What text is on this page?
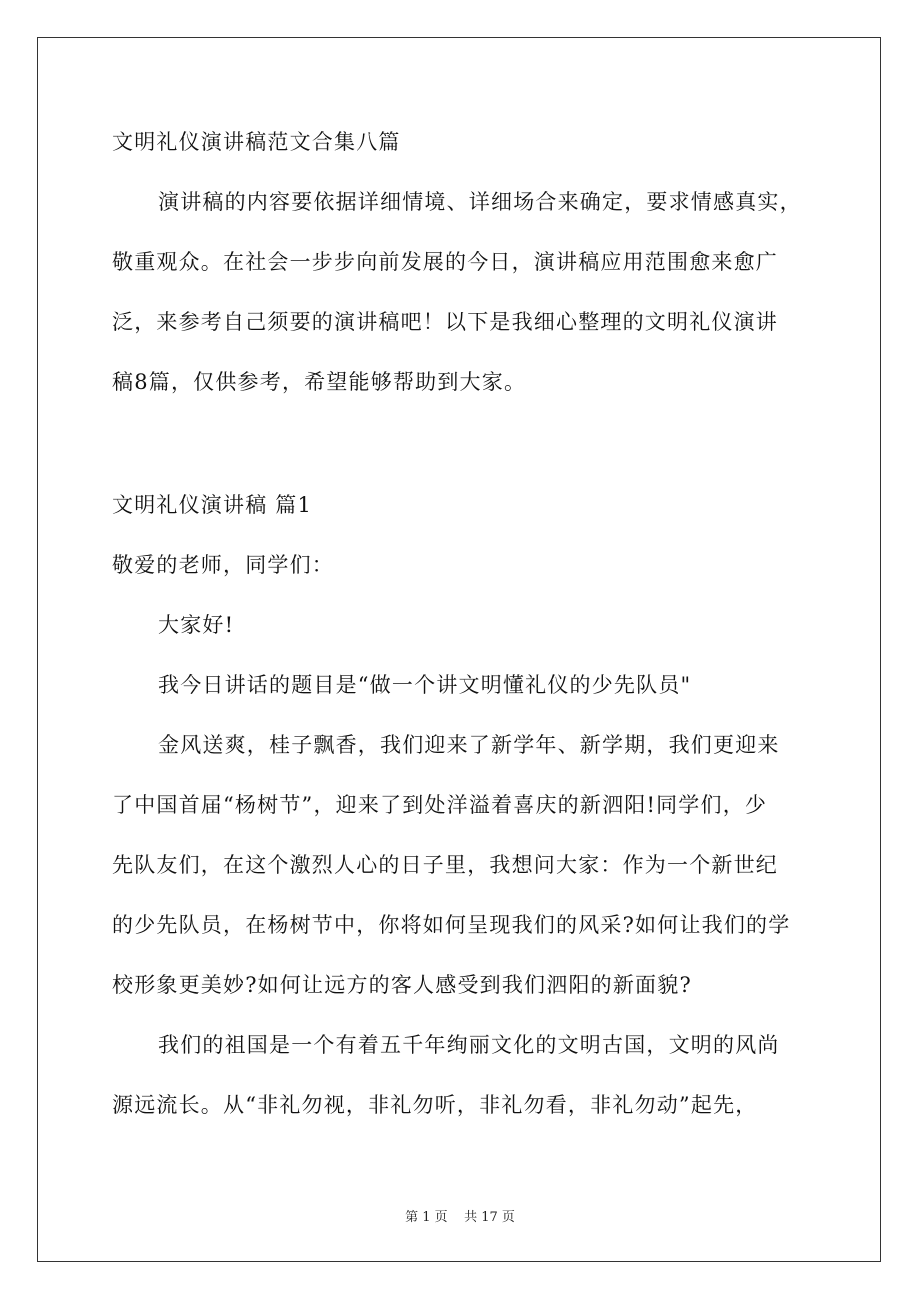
文明礼仪演讲稿范文合集八篇
演讲稿的内容要依据详细情境、详细场合来确定，要求情感真实，
敬重观众。在社会一步步向前发展的今日，演讲稿应用范围愈来愈广
泛，来参考自己须要的演讲稿吧！以下是我细心整理的文明礼仪演讲
稿8篇，仅供参考，希望能够帮助到大家。
文明礼仪演讲稿 篇1
敬爱的老师，同学们：
大家好!
我今日讲话的题目是“做一个讲文明懂礼仪的少先队员"
金风送爽，桂子飘香，我们迎来了新学年、新学期，我们更迎来
了中国首届“杨树节”，迎来了到处洋溢着喜庆的新泗阳!同学们，少
先队友们，在这个激烈人心的日子里，我想问大家：作为一个新世纪
的少先队员，在杨树节中，你将如何呈现我们的风采?如何让我们的学
校形象更美妙?如何让远方的客人感受到我们泗阳的新面貌?
我们的祖国是一个有着五千年绚丽文化的文明古国，文明的风尚
源远流长。从“非礼勿视，非礼勿听，非礼勿看，非礼勿动”起先，
第 1 页    共 17 页
